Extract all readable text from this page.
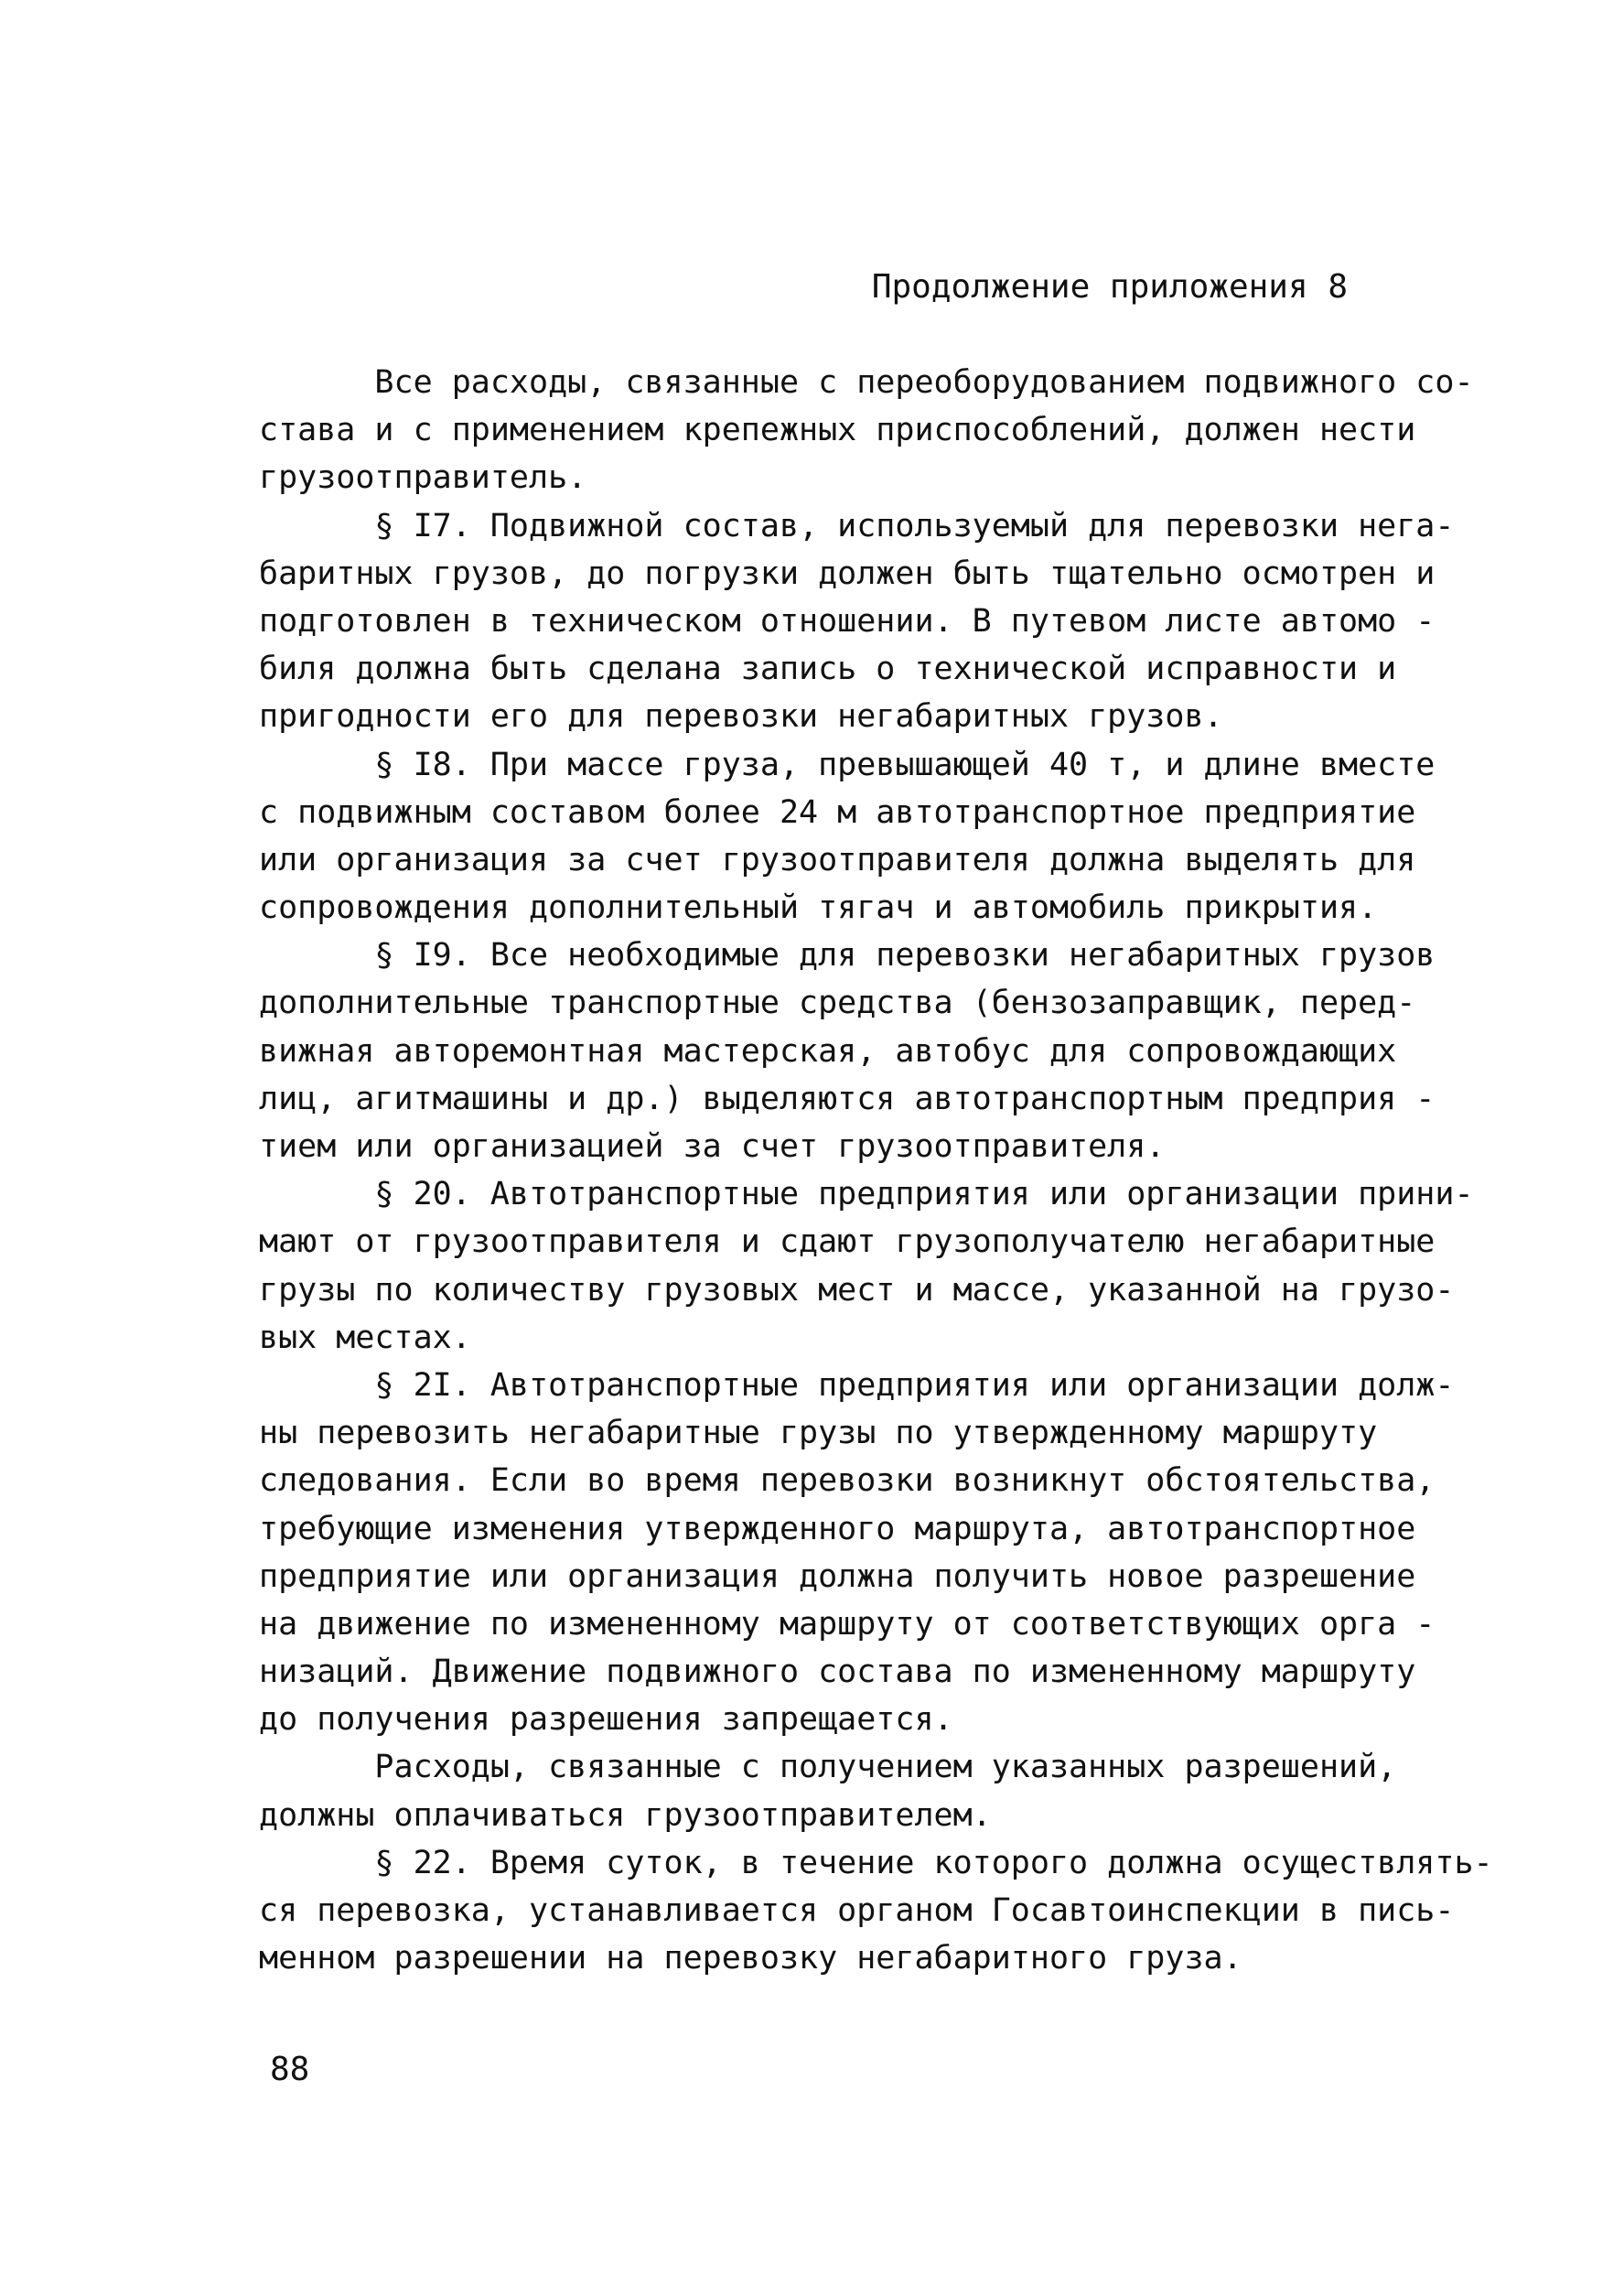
Продолжение приложения 8
Все расходы, связанные с переоборудованием подвижного со-
става и с применением крепежных приспособлений, должен нести
грузоотправитель.
§ I7. Подвижной состав, используемый для перевозки нега-
баритных грузов, до погрузки должен быть тщательно осмотрен и
подготовлен в техническом отношении. В путевом листе автомо -
биля должна быть сделана запись о технической исправности и
пригодности его для перевозки негабаритных грузов.
§ I8. При массе груза, превышающей 40 т, и длине вместе
с подвижным составом более 24 м автотранспортное предприятие
или организация за счет грузоотправителя должна выделять для
сопровождения дополнительный тягач и автомобиль прикрытия.
§ I9. Все необходимые для перевозки негабаритных грузов
дополнительные транспортные средства (бензозаправщик, перед-
вижная авторемонтная мастерская, автобус для сопровождающих
лиц, агитмашины и др.) выделяются автотранспортным предприя -
тием или организацией за счет грузоотправителя.
§ 20. Автотранспортные предприятия или организации прини-
мают от грузоотправителя и сдают грузополучателю негабаритные
грузы по количеству грузовых мест и массе, указанной на грузо-
вых местах.
§ 2I. Автотранспортные предприятия или организации долж-
ны перевозить негабаритные грузы по утвержденному маршруту
следования. Если во время перевозки возникнут обстоятельства,
требующие изменения утвержденного маршрута, автотранспортное
предприятие или организация должна получить новое разрешение
на движение по измененному маршруту от соответствующих орга -
низаций. Движение подвижного состава по измененному маршруту
до получения разрешения запрещается.
Расходы, связанные с получением указанных разрешений,
должны оплачиваться грузоотправителем.
§ 22. Время суток, в течение которого должна осуществлять-
ся перевозка, устанавливается органом Госавтоинспекции в пись-
менном разрешении на перевозку негабаритного груза.
88
